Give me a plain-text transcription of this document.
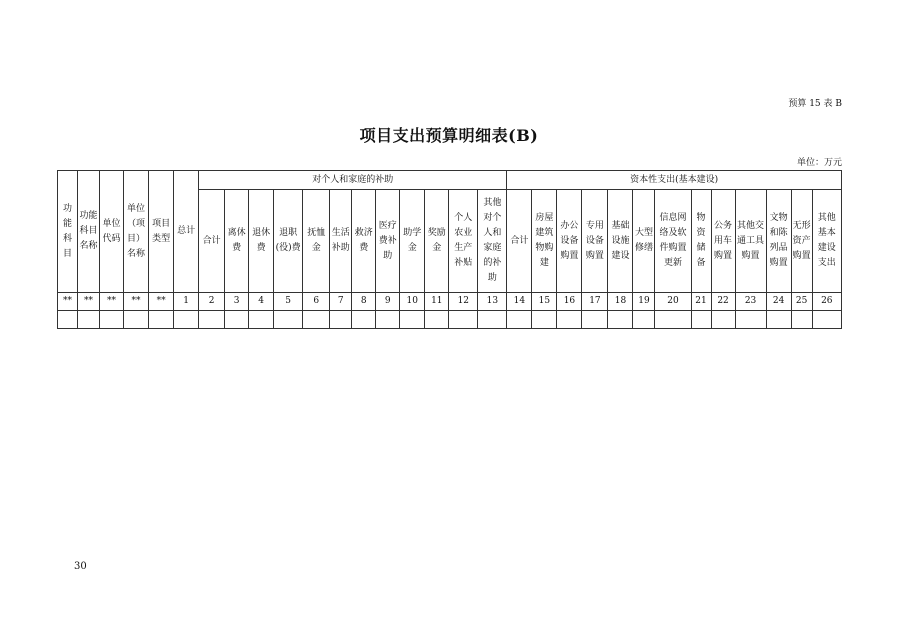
预算 15 表 B
项目支出预算明细表(B)
单位：万元
功能科目	功能科目名称	单位代码	单位（项目）名称	项目类型	总计	对个人和家庭的补助												资本性支出(基本建设)												
						合计	离休费	退休费	退职(役)费	抚恤金	生活补助	救济费	医疗费补助	助学金	奖励金	个人农业生产补贴	其他对个人和家庭的补助	合计	房屋建筑物购建	办公设备购置	专用设备购置	基础设施建设	大型修缮	信息网络及软件购置更新	物资储备	公务用车购置	其他交通工具购置	文物和陈列品购置	无形资产购置	其他基本建设支出
**	**	**	**	**	1	2	3	4	5	6	7	8	9	10	11	12	13	14	15	16	17	18	19	20	21	22	23	24	25	26

30
